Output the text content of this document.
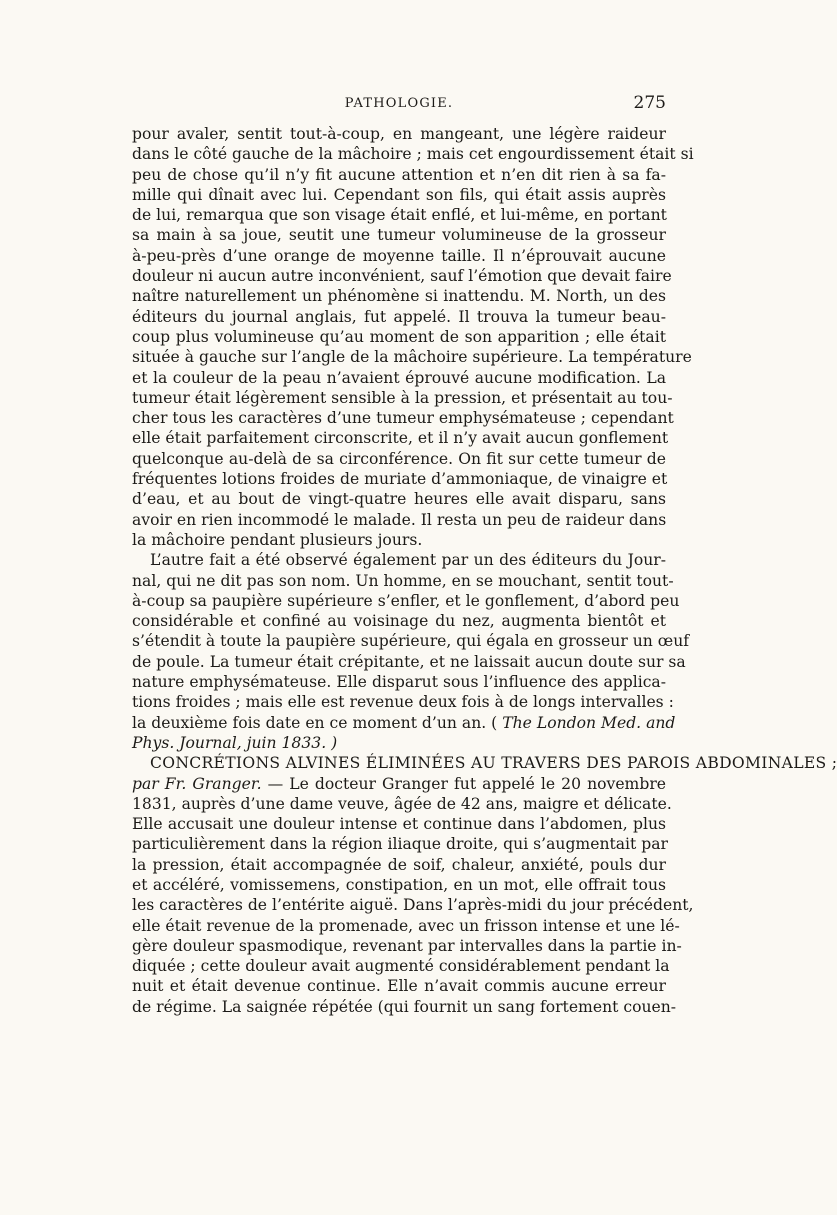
PATHOLOGIE.	275
pour avaler, sentit tout-à-coup, en mangeant, une légère raideur
dans le côté gauche de la mâchoire ; mais cet engourdissement était si
peu de chose qu’il n’y fit aucune attention et n’en dit rien à sa fa-
mille qui dînait avec lui. Cependant son fils, qui était assis auprès
de lui, remarqua que son visage était enflé, et lui-même, en portant
sa main à sa joue, seutit une tumeur volumineuse de la grosseur
à-peu-près d’une orange de moyenne taille. Il n’éprouvait aucune
douleur ni aucun autre inconvénient, sauf l’émotion que devait faire
naître naturellement un phénomène si inattendu. M. North, un des
éditeurs du journal anglais, fut appelé. Il trouva la tumeur beau-
coup plus volumineuse qu’au moment de son apparition ; elle était
située à gauche sur l’angle de la mâchoire supérieure. La température
et la couleur de la peau n’avaient éprouvé aucune modification. La
tumeur était légèrement sensible à la pression, et présentait au tou-
cher tous les caractères d’une tumeur emphysémateuse ; cependant
elle était parfaitement circonscrite, et il n’y avait aucun gonflement
quelconque au-delà de sa circonférence. On fit sur cette tumeur de
fréquentes lotions froides de muriate d’ammoniaque, de vinaigre et
d’eau, et au bout de vingt-quatre heures elle avait disparu, sans
avoir en rien incommodé le malade. Il resta un peu de raideur dans
la mâchoire pendant plusieurs jours.
L’autre fait a été observé également par un des éditeurs du Jour-
nal, qui ne dit pas son nom. Un homme, en se mouchant, sentit tout-
à-coup sa paupière supérieure s’enfler, et le gonflement, d’abord peu
considérable et confiné au voisinage du nez, augmenta bientôt et
s’étendit à toute la paupière supérieure, qui égala en grosseur un œuf
de poule. La tumeur était crépitante, et ne laissait aucun doute sur sa
nature emphysémateuse. Elle disparut sous l’influence des applica-
tions froides ; mais elle est revenue deux fois à de longs intervalles :
la deuxième fois date en ce moment d’un an. ( The London Med. and
Phys. Journal, juin 1833. )
CONCRÉTIONS ALVINES ÉLIMINÉES AU TRAVERS DES PAROIS ABDOMINALES ;
par Fr. Granger. — Le docteur Granger fut appelé le 20 novembre
1831, auprès d’une dame veuve, âgée de 42 ans, maigre et délicate.
Elle accusait une douleur intense et continue dans l’abdomen, plus
particulièrement dans la région iliaque droite, qui s’augmentait par
la pression, était accompagnée de soif, chaleur, anxiété, pouls dur
et accéléré, vomissemens, constipation, en un mot, elle offrait tous
les caractères de l’entérite aiguë. Dans l’après-midi du jour précédent,
elle était revenue de la promenade, avec un frisson intense et une lé-
gère douleur spasmodique, revenant par intervalles dans la partie in-
diquée ; cette douleur avait augmenté considérablement pendant la
nuit et était devenue continue. Elle n’avait commis aucune erreur
de régime. La saignée répétée (qui fournit un sang fortement couen-
